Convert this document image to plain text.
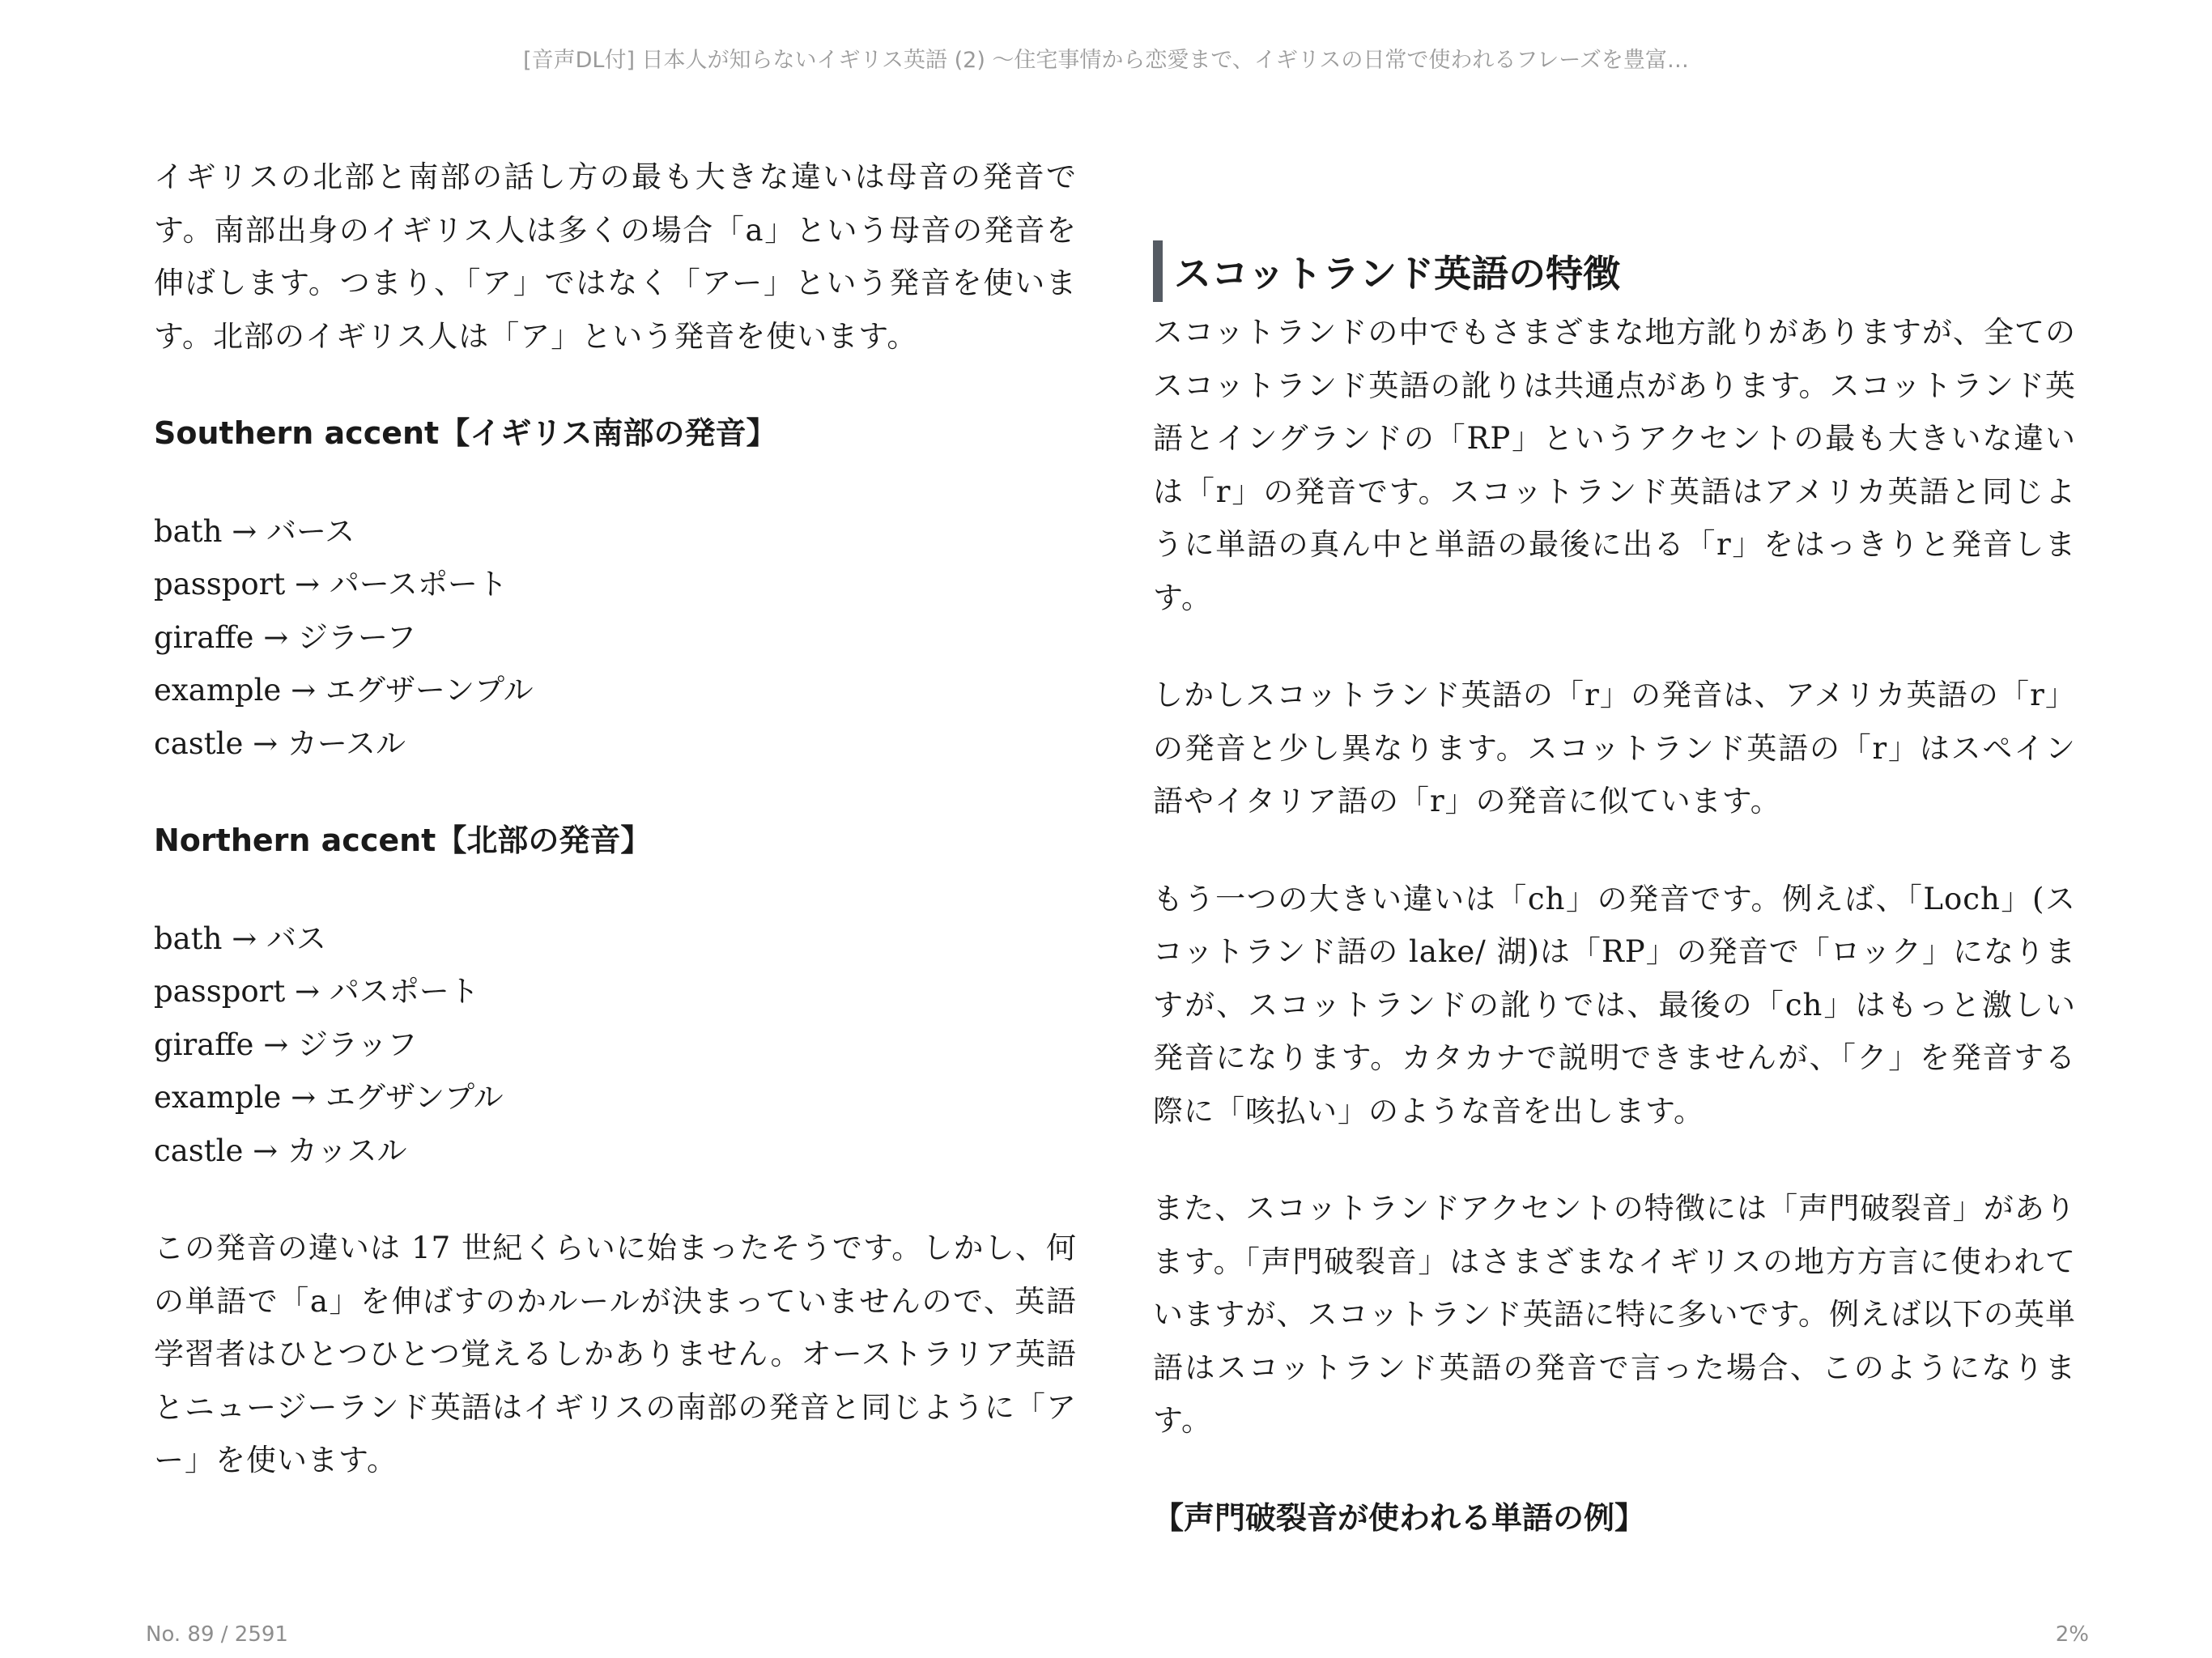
[音声DL付] 日本人が知らないイギリス英語 (2) 〜住宅事情から恋愛まで、イギリスの日常で使われるフレーズを豊富…

イギリスの北部と南部の話し方の最も大きな違いは母音の発音です。南部出身のイギリス人は多くの場合「a」という母音の発音を伸ばします。つまり、「ア」ではなく「アー」という発音を使います。北部のイギリス人は「ア」という発音を使います。

Southern accent【イギリス南部の発音】

bath → バース
passport → パースポート
giraffe → ジラーフ
example → エグザーンプル
castle → カースル

Northern accent【北部の発音】

bath → バス
passport → パスポート
giraffe → ジラッフ
example → エグザンプル
castle → カッスル

この発音の違いは 17 世紀くらいに始まったそうです。しかし、何の単語で「a」を伸ばすのかルールが決まっていませんので、英語学習者はひとつひとつ覚えるしかありません。オーストラリア英語とニュージーランド英語はイギリスの南部の発音と同じように「アー」を使います。

スコットランド英語の特徴

スコットランドの中でもさまざまな地方訛りがありますが、全てのスコットランド英語の訛りは共通点があります。スコットランド英語とイングランドの「RP」というアクセントの最も大きいな違いは「r」の発音です。スコットランド英語はアメリカ英語と同じように単語の真ん中と単語の最後に出る「r」をはっきりと発音します。

しかしスコットランド英語の「r」の発音は、アメリカ英語の「r」の発音と少し異なります。スコットランド英語の「r」はスペイン語やイタリア語の「r」の発音に似ています。

もう一つの大きい違いは「ch」の発音です。例えば、「Loch」(スコットランド語の lake/ 湖)は「RP」の発音で「ロック」になりますが、スコットランドの訛りでは、最後の「ch」はもっと激しい発音になります。カタカナで説明できませんが、「ク」を発音する際に「咳払い」のような音を出します。

また、スコットランドアクセントの特徴には「声門破裂音」があります。「声門破裂音」はさまざまなイギリスの地方方言に使われていますが、スコットランド英語に特に多いです。例えば以下の英単語はスコットランド英語の発音で言った場合、このようになります。

【声門破裂音が使われる単語の例】

No. 89 / 2591	2%
